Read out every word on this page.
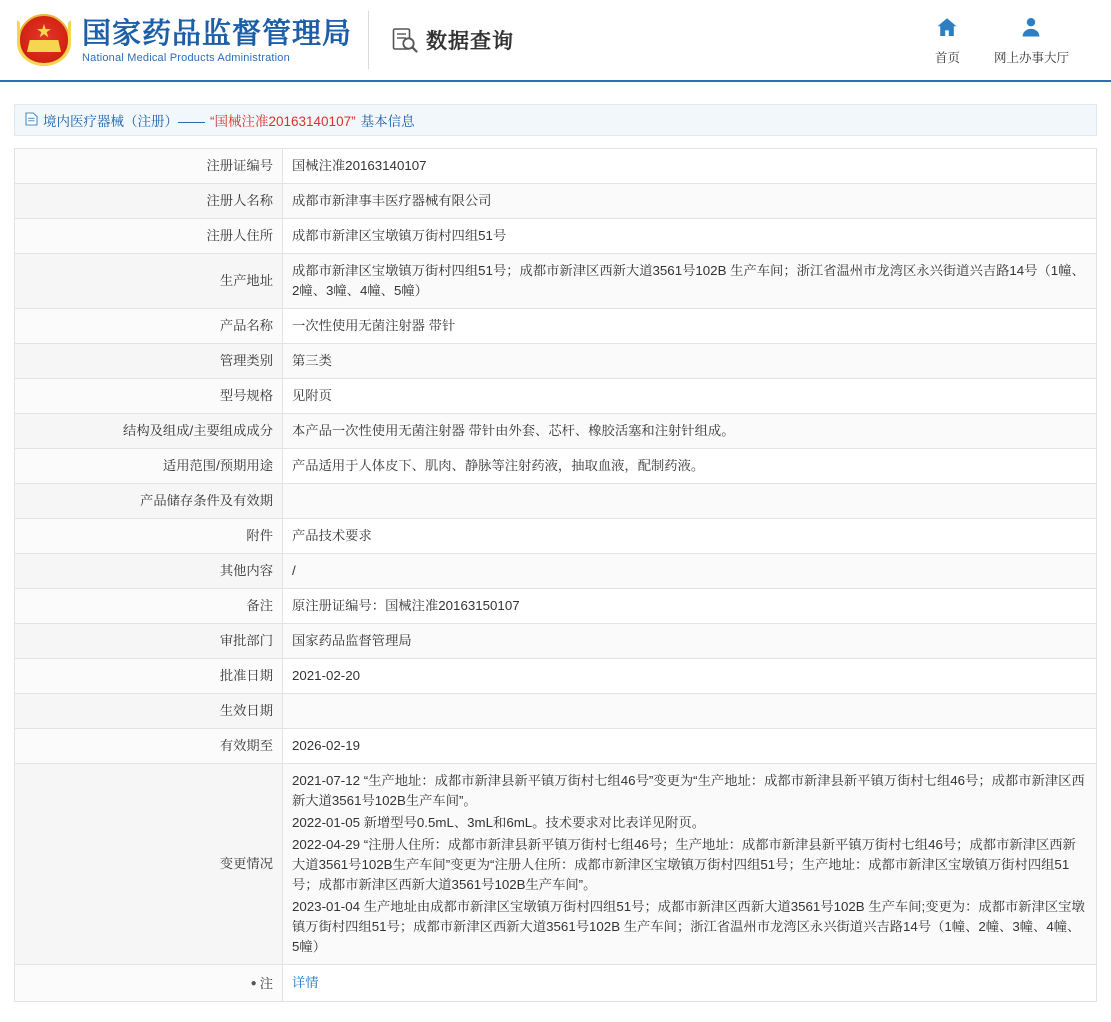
★ 国家药品监督管理局
National Medical Products Administration
数据查询
首页	网上办事大厅
境内医疗器械（注册）—— “国械注准20163140107” 基本信息
注册证编号	国械注准20163140107
注册人名称	成都市新津事丰医疗器械有限公司
注册人住所	成都市新津区宝墩镇万街村四组51号
生产地址	成都市新津区宝墩镇万街村四组51号；成都市新津区西新大道3561号102B 生产车间；浙江省温州市龙湾区永兴街道兴吉路14号（1幢、2幢、3幢、4幢、5幢）
产品名称	一次性使用无菌注射器 带针
管理类别	第三类
型号规格	见附页
结构及组成/主要组成成分	本产品一次性使用无菌注射器 带针由外套、芯杆、橡胶活塞和注射针组成。
适用范围/预期用途	产品适用于人体皮下、肌肉、静脉等注射药液，抽取血液，配制药液。
产品储存条件及有效期	
附件	产品技术要求
其他内容	/
备注	原注册证编号：国械注准20163150107
审批部门	国家药品监督管理局
批准日期	2021-02-20
生效日期	
有效期至	2026-02-19
变更情况	2021-07-12 “生产地址：成都市新津县新平镇万街村七组46号”变更为“生产地址：成都市新津县新平镇万街村七组46号；成都市新津区西新大道3561号102B生产车间”。

2022-01-05 新增型号0.5mL、3mL和6mL。技术要求对比表详见附页。

2022-04-29 “注册人住所：成都市新津县新平镇万街村七组46号；生产地址：成都市新津县新平镇万街村七组46号；成都市新津区西新大道3561号102B生产车间”变更为“注册人住所：成都市新津区宝墩镇万街村四组51号；生产地址：成都市新津区宝墩镇万街村四组51号；成都市新津区西新大道3561号102B生产车间”。

2023-01-04 生产地址由成都市新津区宝墩镇万街村四组51号；成都市新津区西新大道3561号102B 生产车间;变更为：成都市新津区宝墩镇万街村四组51号；成都市新津区西新大道3561号102B 生产车间；浙江省温州市龙湾区永兴街道兴吉路14号（1幢、2幢、3幢、4幢、5幢）

● 注	详情
